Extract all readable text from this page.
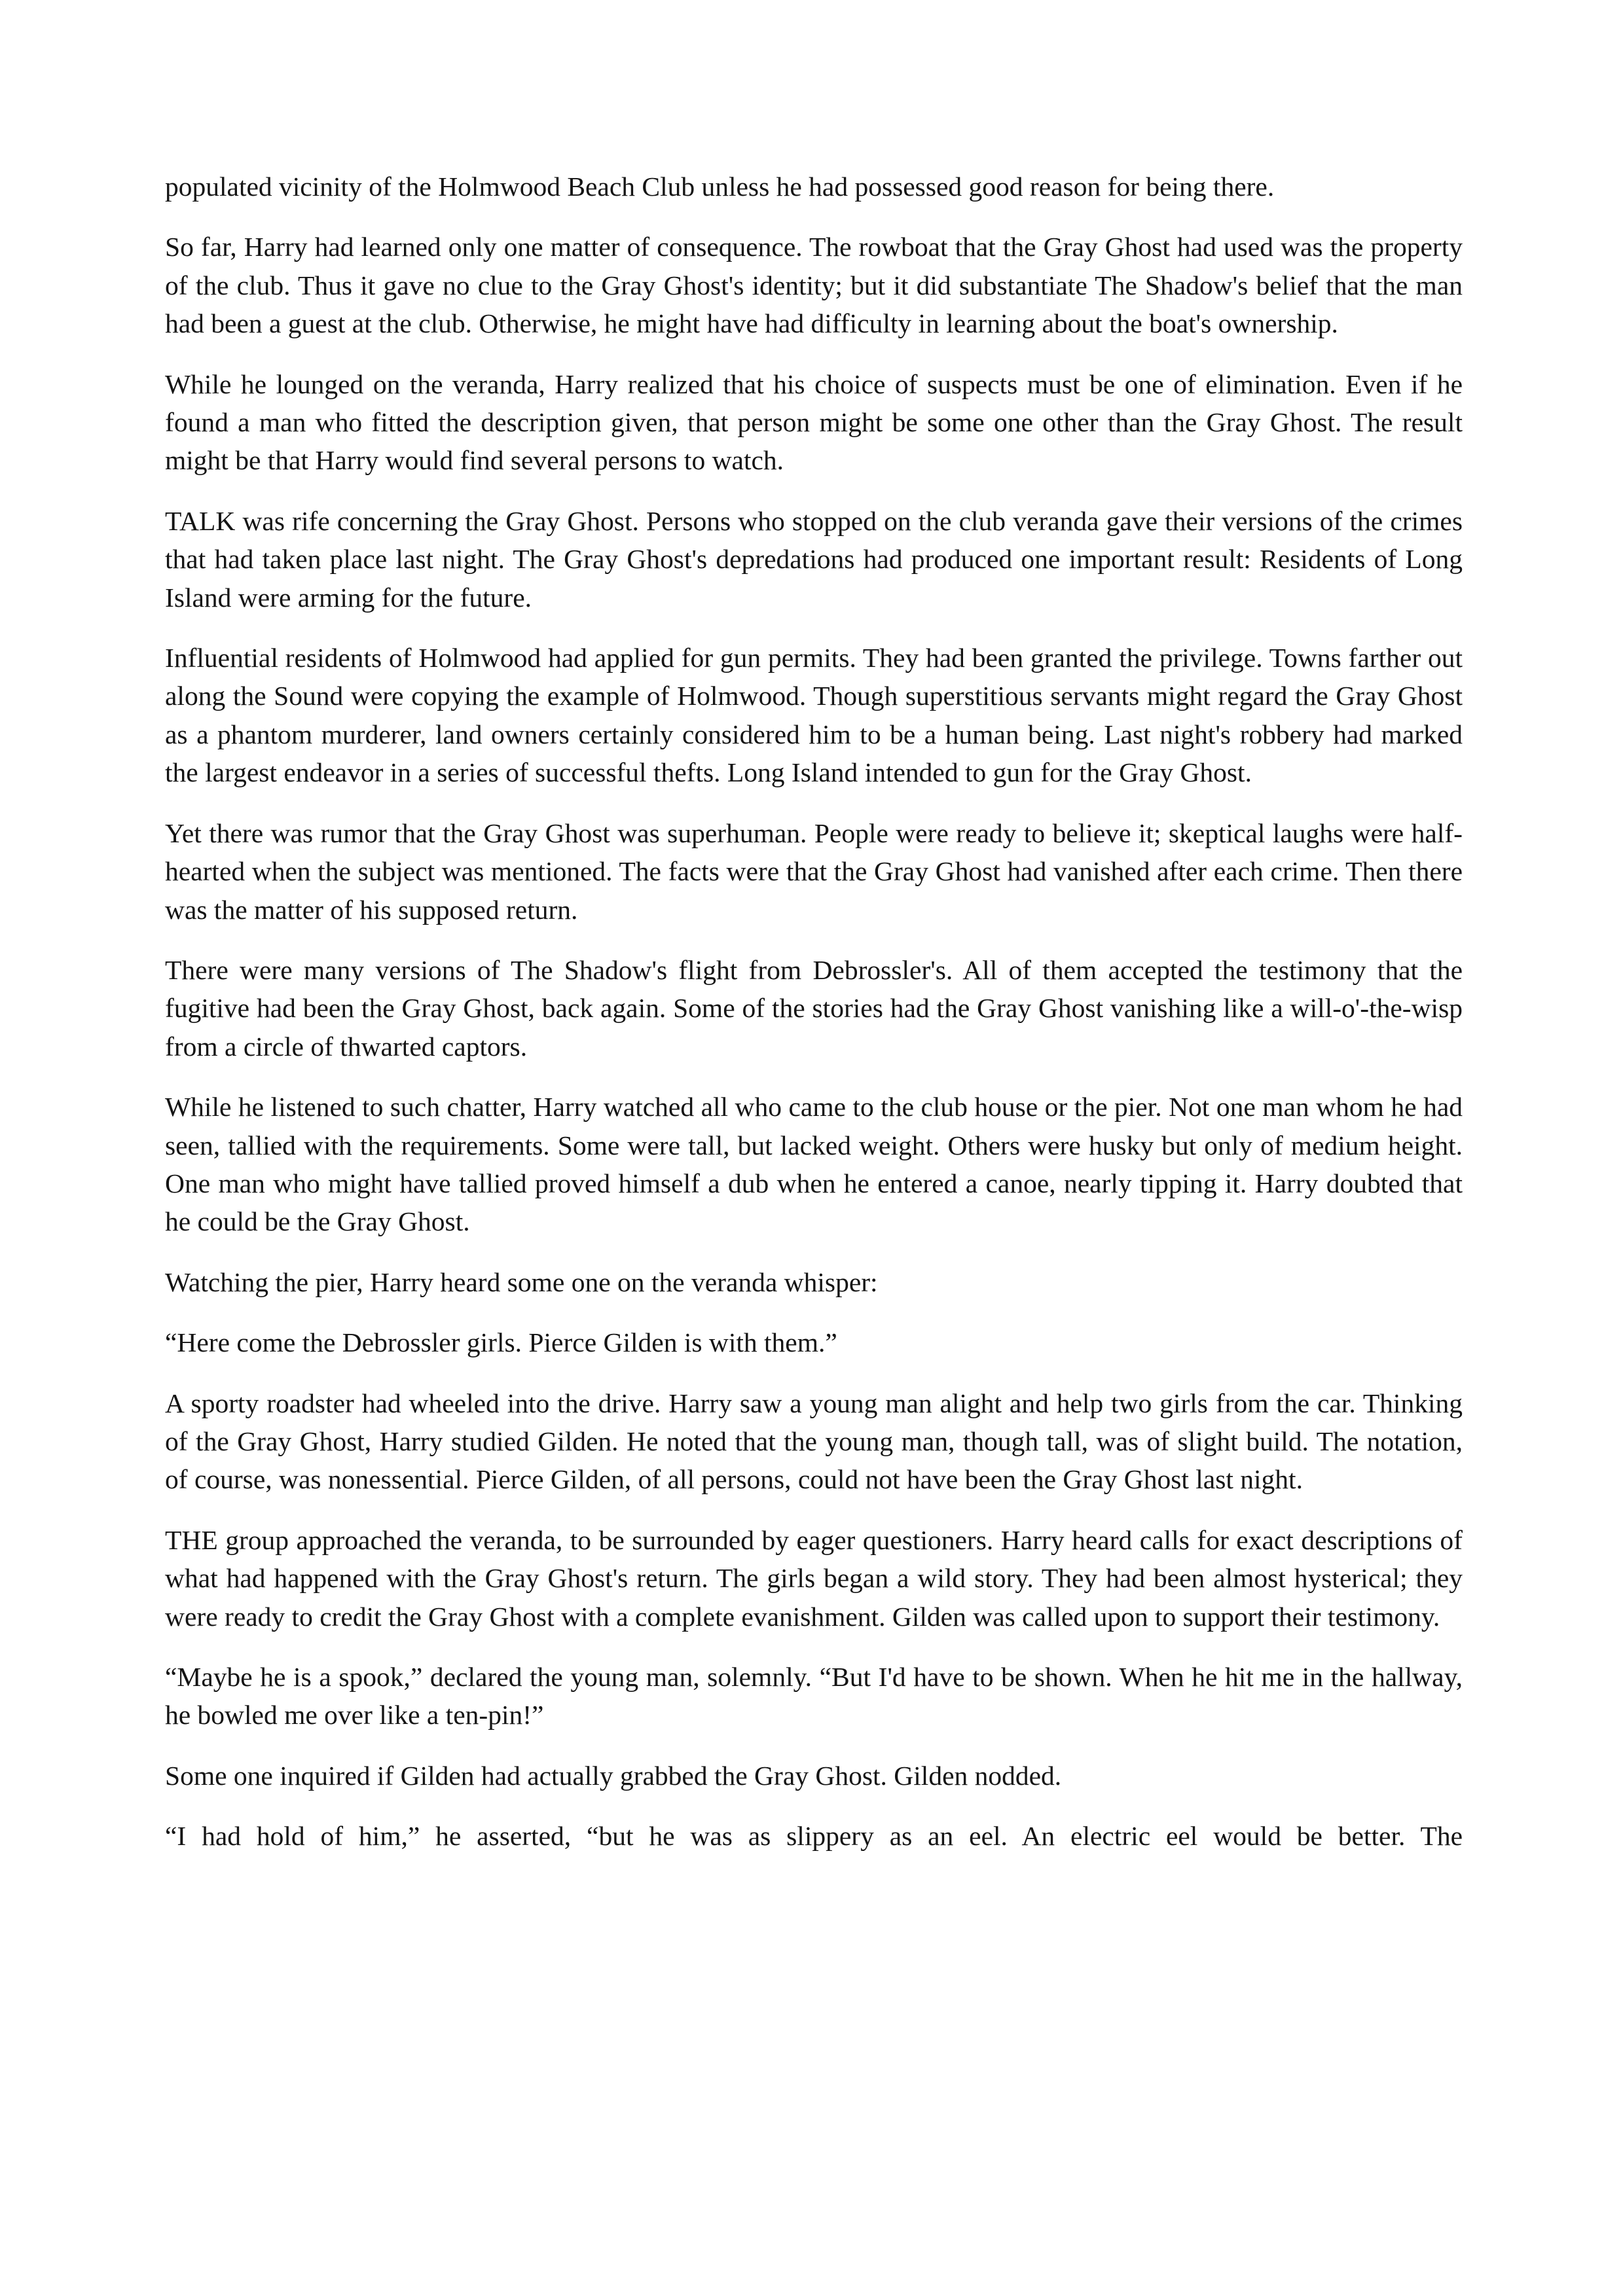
populated vicinity of the Holmwood Beach Club unless he had possessed good reason for being there.

So far, Harry had learned only one matter of consequence. The rowboat that the Gray Ghost had used was the property of the club. Thus it gave no clue to the Gray Ghost's identity; but it did substantiate The Shadow's belief that the man had been a guest at the club. Otherwise, he might have had difficulty in learning about the boat's ownership.

While he lounged on the veranda, Harry realized that his choice of suspects must be one of elimination. Even if he found a man who fitted the description given, that person might be some one other than the Gray Ghost. The result might be that Harry would find several persons to watch.

TALK was rife concerning the Gray Ghost. Persons who stopped on the club veranda gave their versions of the crimes that had taken place last night. The Gray Ghost's depredations had produced one important result: Residents of Long Island were arming for the future.

Influential residents of Holmwood had applied for gun permits. They had been granted the privilege. Towns farther out along the Sound were copying the example of Holmwood. Though superstitious servants might regard the Gray Ghost as a phantom murderer, land owners certainly considered him to be a human being. Last night's robbery had marked the largest endeavor in a series of successful thefts. Long Island intended to gun for the Gray Ghost.

Yet there was rumor that the Gray Ghost was superhuman. People were ready to believe it; skeptical laughs were half-hearted when the subject was mentioned. The facts were that the Gray Ghost had vanished after each crime. Then there was the matter of his supposed return.

There were many versions of The Shadow's flight from Debrossler's. All of them accepted the testimony that the fugitive had been the Gray Ghost, back again. Some of the stories had the Gray Ghost vanishing like a will-o'-the-wisp from a circle of thwarted captors.

While he listened to such chatter, Harry watched all who came to the club house or the pier. Not one man whom he had seen, tallied with the requirements. Some were tall, but lacked weight. Others were husky but only of medium height. One man who might have tallied proved himself a dub when he entered a canoe, nearly tipping it. Harry doubted that he could be the Gray Ghost.

Watching the pier, Harry heard some one on the veranda whisper:

“Here come the Debrossler girls. Pierce Gilden is with them.”

A sporty roadster had wheeled into the drive. Harry saw a young man alight and help two girls from the car. Thinking of the Gray Ghost, Harry studied Gilden. He noted that the young man, though tall, was of slight build. The notation, of course, was nonessential. Pierce Gilden, of all persons, could not have been the Gray Ghost last night.

THE group approached the veranda, to be surrounded by eager questioners. Harry heard calls for exact descriptions of what had happened with the Gray Ghost's return. The girls began a wild story. They had been almost hysterical; they were ready to credit the Gray Ghost with a complete evanishment. Gilden was called upon to support their testimony.

“Maybe he is a spook,” declared the young man, solemnly. “But I'd have to be shown. When he hit me in the hallway, he bowled me over like a ten-pin!”

Some one inquired if Gilden had actually grabbed the Gray Ghost. Gilden nodded.

“I had hold of him,” he asserted, “but he was as slippery as an eel. An electric eel would be better. The
